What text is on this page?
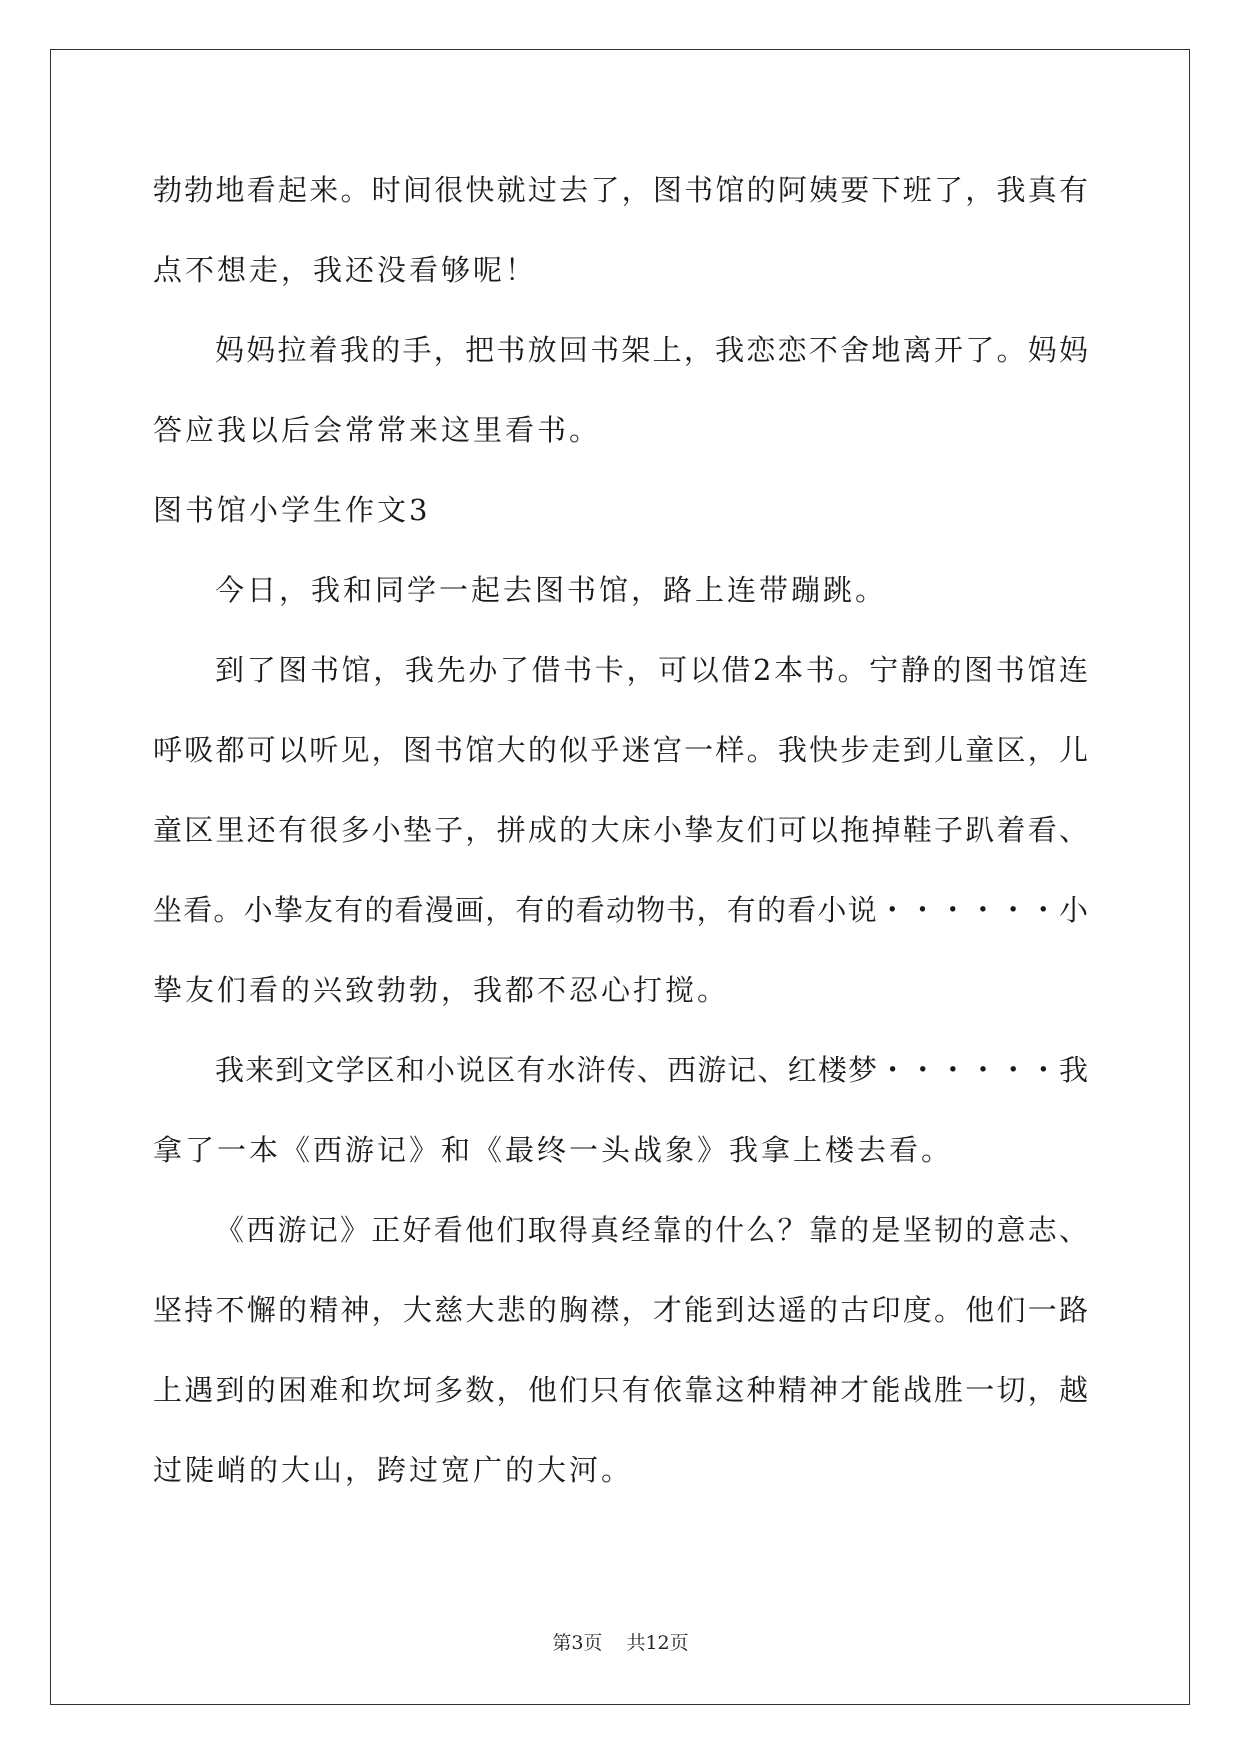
勃勃地看起来。时间很快就过去了，图书馆的阿姨要下班了，我真有
点不想走，我还没看够呢！
妈妈拉着我的手，把书放回书架上，我恋恋不舍地离开了。妈妈
答应我以后会常常来这里看书。
图书馆小学生作文3
今日，我和同学一起去图书馆，路上连带蹦跳。
到了图书馆，我先办了借书卡，可以借2本书。宁静的图书馆连
呼吸都可以听见，图书馆大的似乎迷宫一样。我快步走到儿童区，儿
童区里还有很多小垫子，拼成的大床小挚友们可以拖掉鞋子趴着看、
坐看。小挚友有的看漫画，有的看动物书，有的看小说・・・・・・小
挚友们看的兴致勃勃，我都不忍心打搅。
我来到文学区和小说区有水浒传、西游记、红楼梦・・・・・・我
拿了一本《西游记》和《最终一头战象》我拿上楼去看。
《西游记》正好看他们取得真经靠的什么？靠的是坚韧的意志、
坚持不懈的精神，大慈大悲的胸襟，才能到达遥的古印度。他们一路
上遇到的困难和坎坷多数，他们只有依靠这种精神才能战胜一切，越
过陡峭的大山，跨过宽广的大河。
第3页 共12页
